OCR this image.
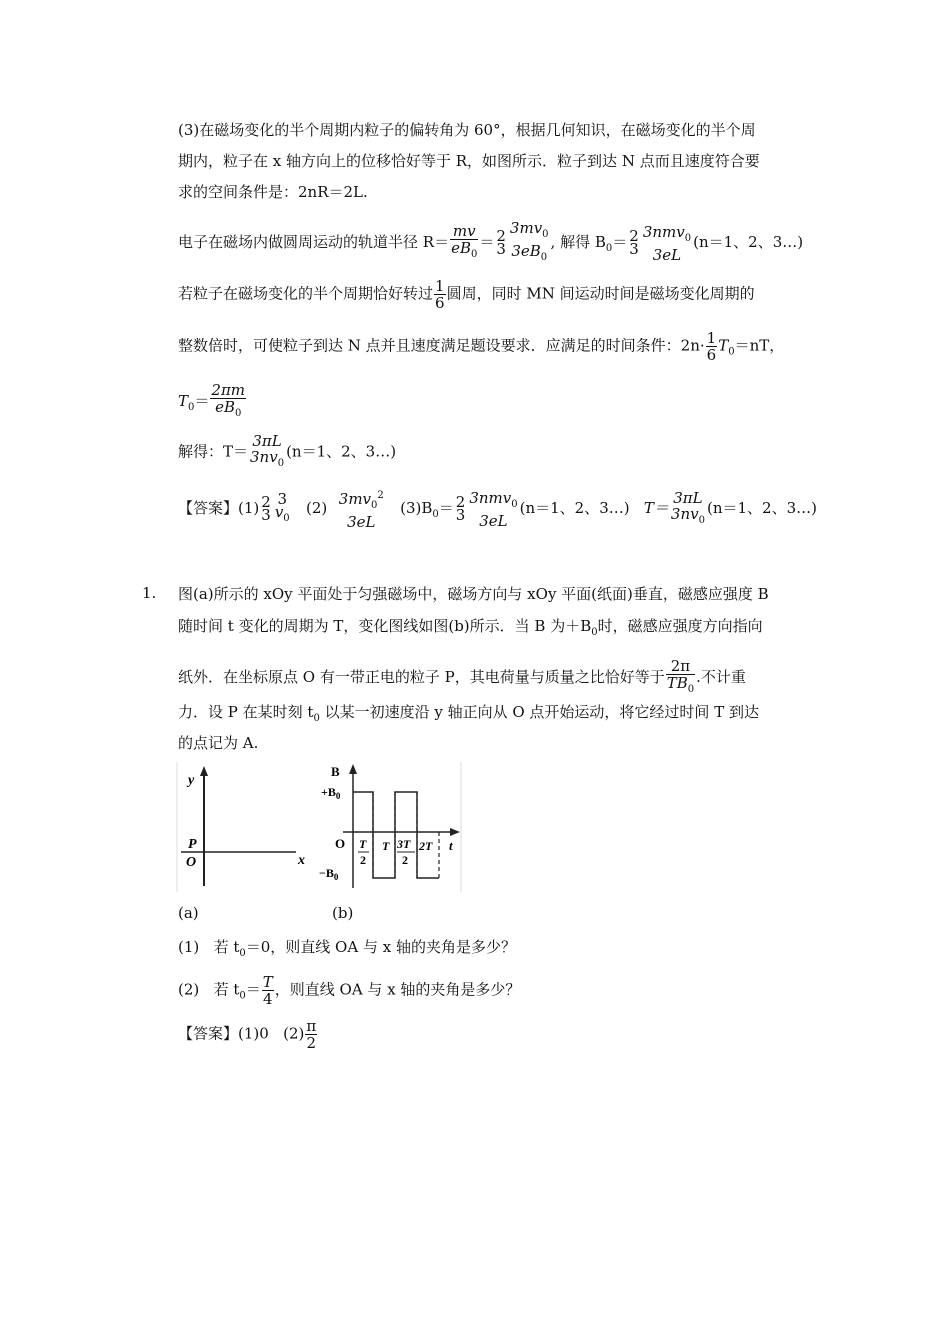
(3)在磁场变化的半个周期内粒子的偏转角为 60°，根据几何知识，在磁场变化的半个周
期内，粒子在 x 轴方向上的位移恰好等于 R，如图所示．粒子到达 N 点而且速度符合要
求的空间条件是：2nR＝2L.
电子在磁场内做圆周运动的轨道半径 $R= \frac{mv}{eB_0} = 2$
3
$3mv_0$
$3eB_0$
, 解得 $B_0= 2$
3
3nmv$_0$
3eL
(n＝1、2、3…)
若粒子在磁场变化的半个周期恰好转过 $\frac{1}{6}$ 圆周，同时 MN 间运动时间是磁场变化周期的
整数倍时，可使粒子到达 N 点并且速度满足题设要求．应满足的时间条件：$2n\cdot \frac{1}{6} T_0=nT$，
$T_0= \frac{2\pi m}{eB_0}$
解得：T＝
3πL
$3nv_0$
(n＝1、2、3…)
【答案】(1) 2
3
3
$v_0$
(2) $3mv_0^2$
3eL
$(3)B_0= 2$
3
3nmv$_0$
3eL
(n＝1、2、3…) T＝
3πL
$3nv_0$
(n＝1、2、3…)
1. 图(a)所示的 xOy 平面处于匀强磁场中，磁场方向与 xOy 平面(纸面)垂直，磁感应强度 B
随时间 t 变化的周期为 T，变化图线如图(b)所示．当 B 为$+B_0$时，磁感应强度方向指向
纸外．在坐标原点 O 有一带正电的粒子 P，其电荷量与质量之比恰好等于 $\frac{2\pi}{TB_0}$ .不计重
力．设 P 在某时刻 $t_0$ 以某一初速度沿 y 轴正向从 O 点开始运动，将它经过时间 T 到达
的点记为 A.
y
P
O	x
B
$+B_0$
$-B_0$
O	t
T
2
T 3T
2
2T
(a)	(b)
(1) 若 $t_0=0$，则直线 OA 与 x 轴的夹角是多少？
(2) 若 $t_0= \frac{T}{4}$ ，则直线 OA 与 x 轴的夹角是多少？
【答案】(1)0 $(2) \frac{\pi}{2}$
